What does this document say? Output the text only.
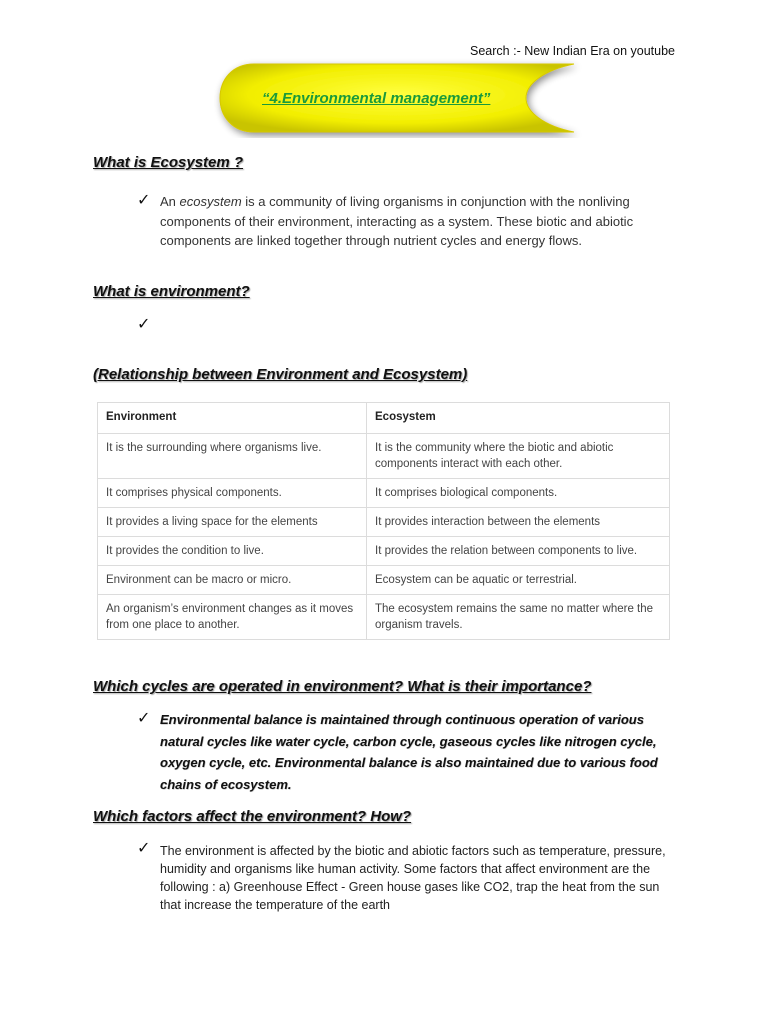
Search :- New Indian Era on youtube
“4.Environmental management”
What is Ecosystem ?
✓ An ecosystem is a community of living organisms in conjunction with the nonliving components of their environment, interacting as a system. These biotic and abiotic components are linked together through nutrient cycles and energy flows.
What is environment?
✓
(Relationship between Environment and Ecosystem)
Environment	Ecosystem
It is the surrounding where organisms live.	It is the community where the biotic and abiotic components interact with each other.
It comprises physical components.	It comprises biological components.
It provides a living space for the elements	It provides interaction between the elements
It provides the condition to live.	It provides the relation between components to live.
Environment can be macro or micro.	Ecosystem can be aquatic or terrestrial.
An organism’s environment changes as it moves from one place to another.	The ecosystem remains the same no matter where the organism travels.
Which cycles are operated in environment? What is their importance?
✓ Environmental balance is maintained through continuous operation of various natural cycles like water cycle, carbon cycle, gaseous cycles like nitrogen cycle, oxygen cycle, etc. Environmental balance is also maintained due to various food chains of ecosystem.
Which factors affect the environment? How?
✓ The environment is affected by the biotic and abiotic factors such as temperature, pressure, humidity and organisms like human activity. Some factors that affect environment are the following : a) Greenhouse Effect - Green house gases like CO2, trap the heat from the sun that increase the temperature of the earth
